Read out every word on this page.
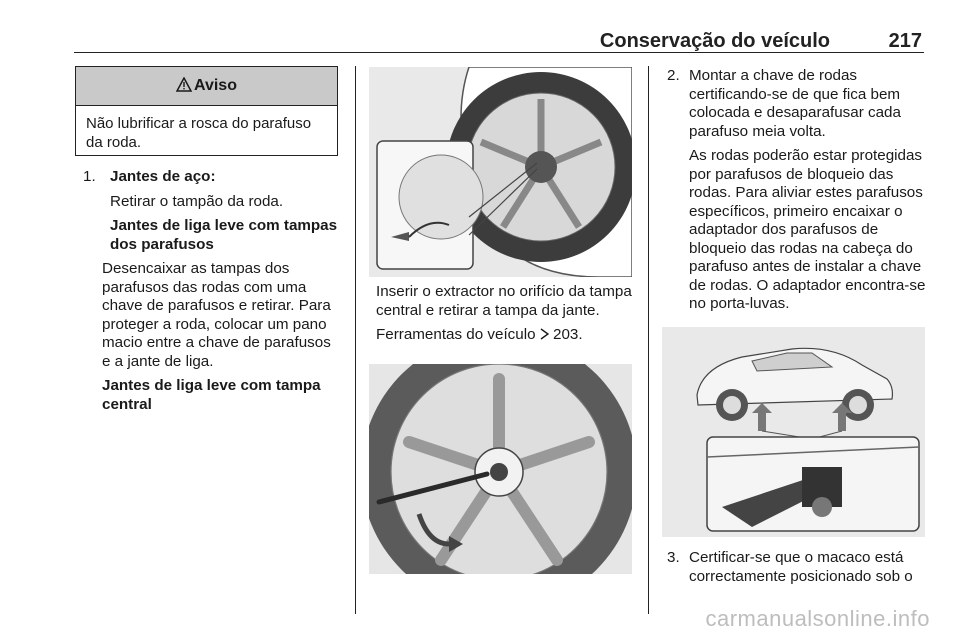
Conservação do veículo	217
Aviso
Não lubrificar a rosca do parafuso da roda.
1. Jantes de aço:

Retirar o tampão da roda.

Jantes de liga leve com tampas dos parafusos

Desencaixar as tampas dos parafusos das rodas com uma chave de parafusos e retirar. Para proteger a roda, colocar um pano macio entre a chave de parafusos e a jante de liga.

Jantes de liga leve com tampa central

Inserir o extractor no orifício da tampa central e retirar a tampa da jante.

Ferramentas do veículo 203.

2. Montar a chave de rodas certificando-se de que fica bem colocada e desaparafusar cada parafuso meia volta.

As rodas poderão estar protegidas por parafusos de bloqueio das rodas. Para aliviar estes parafusos específicos, primeiro encaixar o adaptador dos parafusos de bloqueio das rodas na cabeça do parafuso antes de instalar a chave de rodas. O adaptador encontra-se no porta-luvas.

3. Certificar-se que o macaco está correctamente posicionado sob o

carmanualsonline.info
